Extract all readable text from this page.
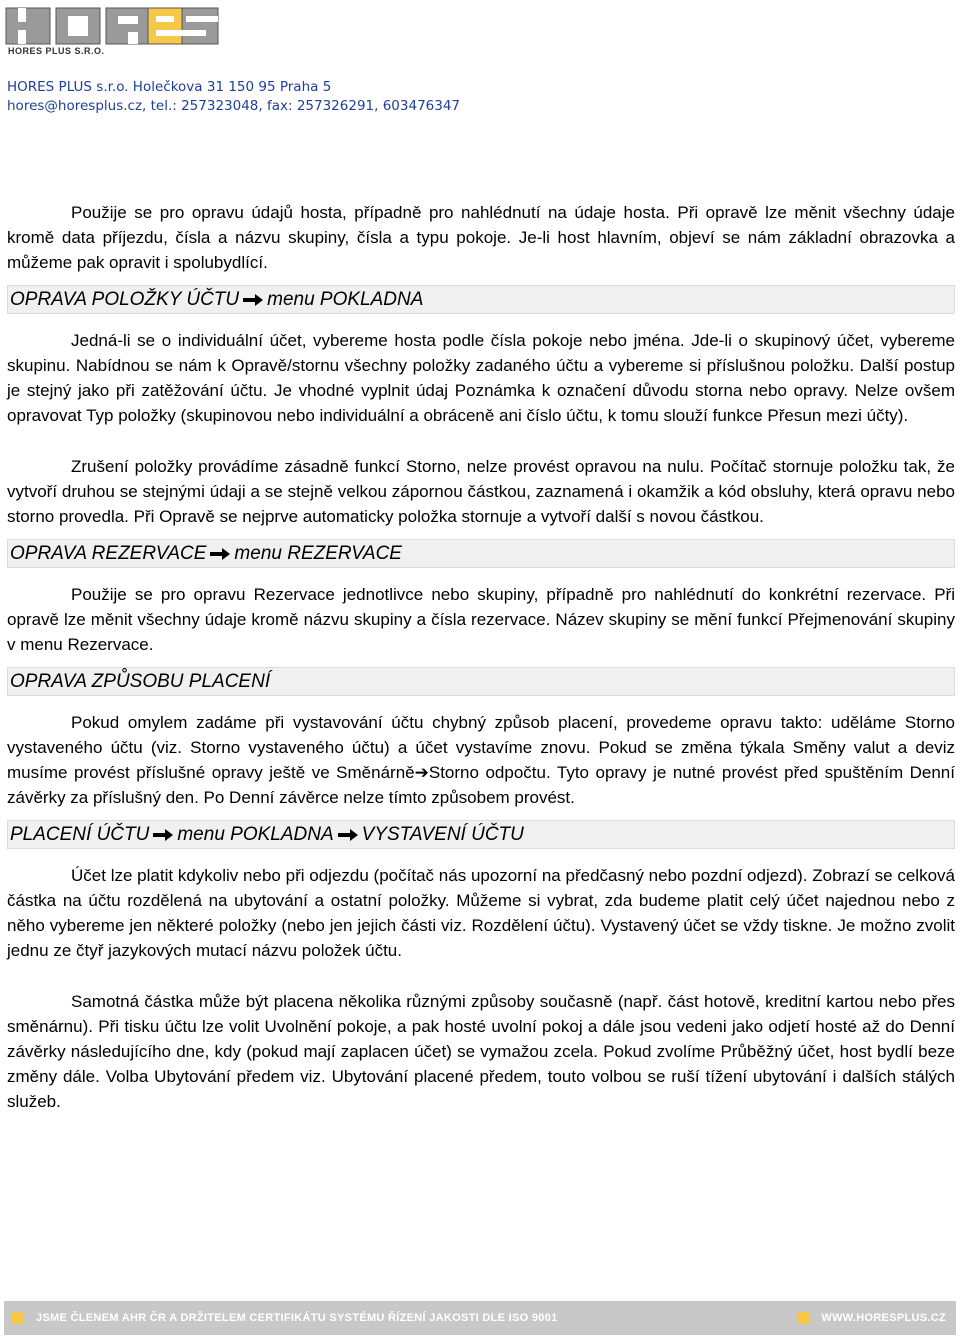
HORES PLUS S.R.O.
HORES PLUS s.r.o. Holečkova 31 150 95 Praha 5
hores@horesplus.cz, tel.: 257323048, fax: 257326291, 603476347

Použije se pro opravu údajů hosta, případně pro nahlédnutí na údaje hosta. Při opravě lze měnit všechny údaje kromě data příjezdu, čísla a názvu skupiny, čísla a typu pokoje. Je-li host hlavním, objeví se nám základní obrazovka a můžeme pak opravit i spolubydlící.

OPRAVA POLOŽKY ÚČTU menu POKLADNA

Jedná-li se o individuální účet, vybereme hosta podle čísla pokoje nebo jména. Jde-li o skupinový účet, vybereme skupinu. Nabídnou se nám k Opravě/stornu všechny položky zadaného účtu a vybereme si příslušnou položku. Další postup je stejný jako při zatěžování účtu. Je vhodné vyplnit údaj Poznámka k označení důvodu storna nebo opravy. Nelze ovšem opravovat Typ položky (skupinovou nebo individuální a obráceně ani číslo účtu, k tomu slouží funkce Přesun mezi účty).

Zrušení položky provádíme zásadně funkcí Storno, nelze provést opravou na nulu. Počítač stornuje položku tak, že vytvoří druhou se stejnými údaji a se stejně velkou zápornou částkou, zaznamená i okamžik a kód obsluhy, která opravu nebo storno provedla. Při Opravě se nejprve automaticky položka stornuje a vytvoří další s novou částkou.

OPRAVA REZERVACE menu REZERVACE

Použije se pro opravu Rezervace jednotlivce nebo skupiny, případně pro nahlédnutí do konkrétní rezervace. Při opravě lze měnit všechny údaje kromě názvu skupiny a čísla rezervace. Název skupiny se mění funkcí Přejmenování skupiny v menu Rezervace.

OPRAVA ZPŮSOBU PLACENÍ

Pokud omylem zadáme při vystavování účtu chybný způsob placení, provedeme opravu takto: uděláme Storno vystaveného účtu (viz. Storno vystaveného účtu) a účet vystavíme znovu. Pokud se změna týkala Směny valut a deviz musíme provést příslušné opravy ještě ve Směnárně➔Storno odpočtu. Tyto opravy je nutné provést před spuštěním Denní závěrky za příslušný den. Po Denní závěrce nelze tímto způsobem provést.

PLACENÍ ÚČTU menu POKLADNA VYSTAVENÍ ÚČTU

Účet lze platit kdykoliv nebo při odjezdu (počítač nás upozorní na předčasný nebo pozdní odjezd). Zobrazí se celková částka na účtu rozdělená na ubytování a ostatní položky. Můžeme si vybrat, zda budeme platit celý účet najednou nebo z něho vybereme jen některé položky (nebo jen jejich části viz. Rozdělení účtu). Vystavený účet se vždy tiskne. Je možno zvolit jednu ze čtyř jazykových mutací názvu položek účtu.

Samotná částka může být placena několika různými způsoby současně (např. část hotově, kreditní kartou nebo přes směnárnu). Při tisku účtu lze volit Uvolnění pokoje, a pak hosté uvolní pokoj a dále jsou vedeni jako odjetí hosté až do Denní závěrky následujícího dne, kdy (pokud mají zaplacen účet) se vymažou zcela. Pokud zvolíme Průběžný účet, host bydlí beze změny dále. Volba Ubytování předem viz. Ubytování placené předem, touto volbou se ruší tížení ubytování i dalších stálých služeb.

JSME ČLENEM AHR ČR A DRŽITELEM CERTIFIKÁTU SYSTÉMU ŘÍZENÍ JAKOSTI DLE ISO 9001	WWW.HORESPLUS.CZ
